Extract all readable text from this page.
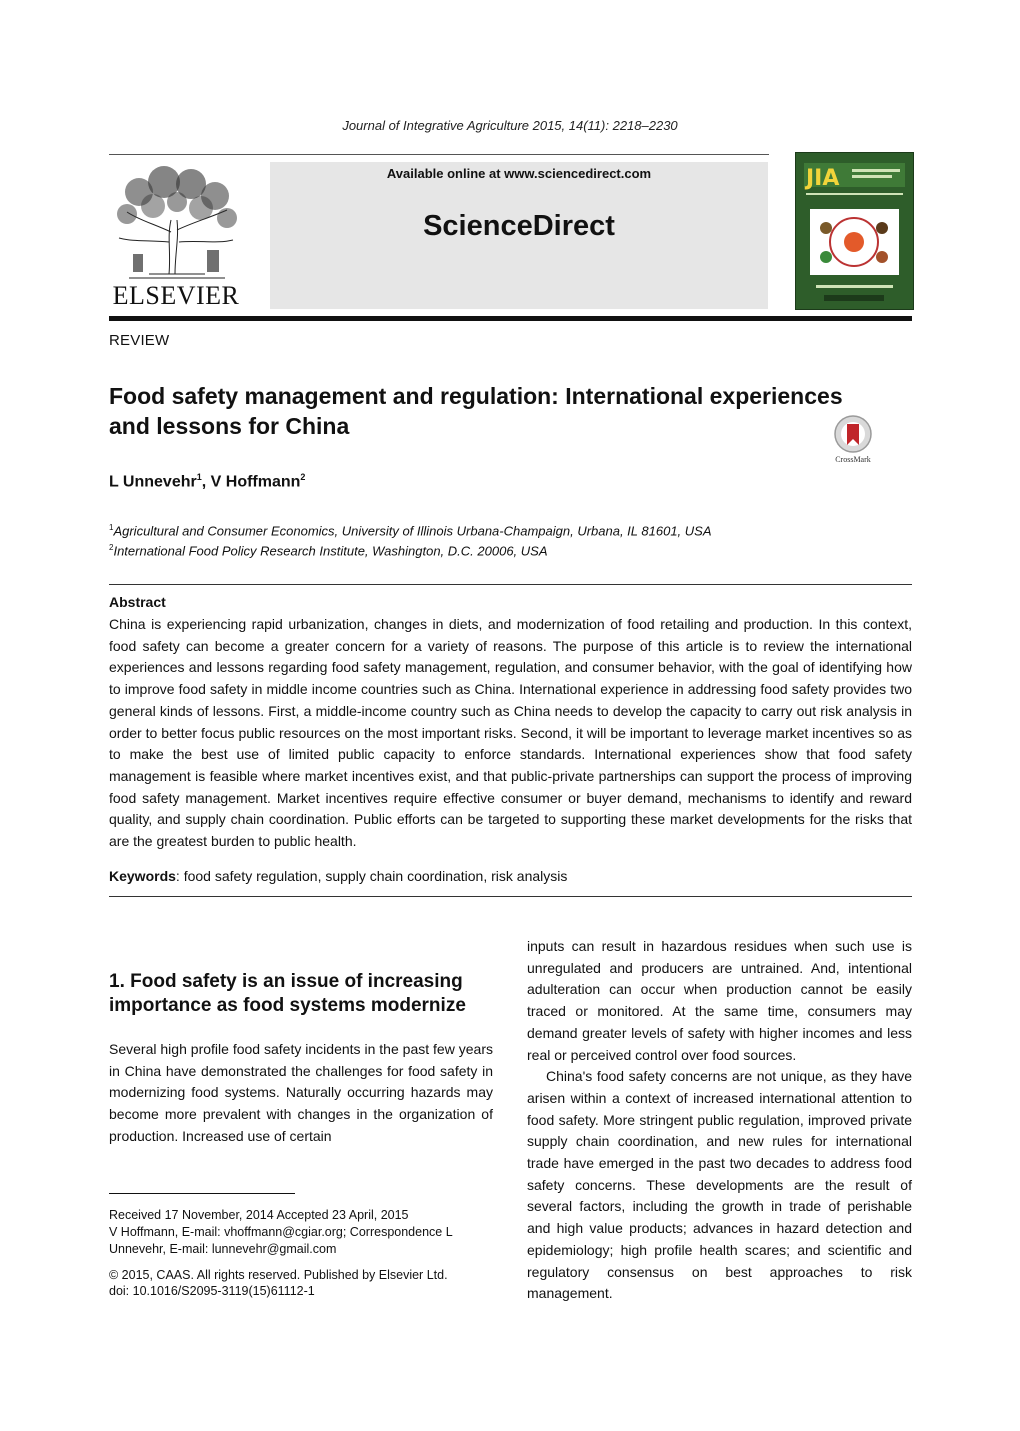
Journal of Integrative Agriculture 2015, 14(11): 2218–2230
ELSEVIER
Available online at www.sciencedirect.com
ScienceDirect
JIA
REVIEW
Food safety management and regulation: International experiences and lessons for China
CrossMark
L Unnevehr$^1$, V Hoffmann$^2$
$^1$Agricultural and Consumer Economics, University of Illinois Urbana-Champaign, Urbana, IL 81601, USA
$^2$International Food Policy Research Institute, Washington, D.C. 20006, USA
Abstract
China is experiencing rapid urbanization, changes in diets, and modernization of food retailing and production. In this context, food safety can become a greater concern for a variety of reasons. The purpose of this article is to review the international experiences and lessons regarding food safety management, regulation, and consumer behavior, with the goal of identifying how to improve food safety in middle income countries such as China. International experience in addressing food safety provides two general kinds of lessons. First, a middle-income country such as China needs to develop the capacity to carry out risk analysis in order to better focus public resources on the most important risks. Second, it will be important to leverage market incentives so as to make the best use of limited public capacity to enforce standards. International experiences show that food safety management is feasible where market incentives exist, and that public-private partnerships can support the process of improving food safety management. Market incentives require effective consumer or buyer demand, mechanisms to identify and reward quality, and supply chain coordination. Public efforts can be targeted to supporting these market developments for the risks that are the greatest burden to public health.
Keywords: food safety regulation, supply chain coordination, risk analysis
1. Food safety is an issue of increasing importance as food systems modernize
Several high profile food safety incidents in the past few years in China have demonstrated the challenges for food safety in modernizing food systems. Naturally occurring hazards may become more prevalent with changes in the organization of production. Increased use of certain
Received 17 November, 2014 Accepted 23 April, 2015
V Hoffmann, E-mail: vhoffmann@cgiar.org; Correspondence L Unnevehr, E-mail: lunnevehr@gmail.com
© 2015, CAAS. All rights reserved. Published by Elsevier Ltd.
doi: 10.1016/S2095-3119(15)61112-1

inputs can result in hazardous residues when such use is unregulated and producers are untrained. And, intentional adulteration can occur when production cannot be easily traced or monitored. At the same time, consumers may demand greater levels of safety with higher incomes and less real or perceived control over food sources.

China's food safety concerns are not unique, as they have arisen within a context of increased international attention to food safety. More stringent public regulation, improved private supply chain coordination, and new rules for international trade have emerged in the past two decades to address food safety concerns. These developments are the result of several factors, including the growth in trade of perishable and high value products; advances in hazard detection and epidemiology; high profile health scares; and scientific and regulatory consensus on best approaches to risk management.
